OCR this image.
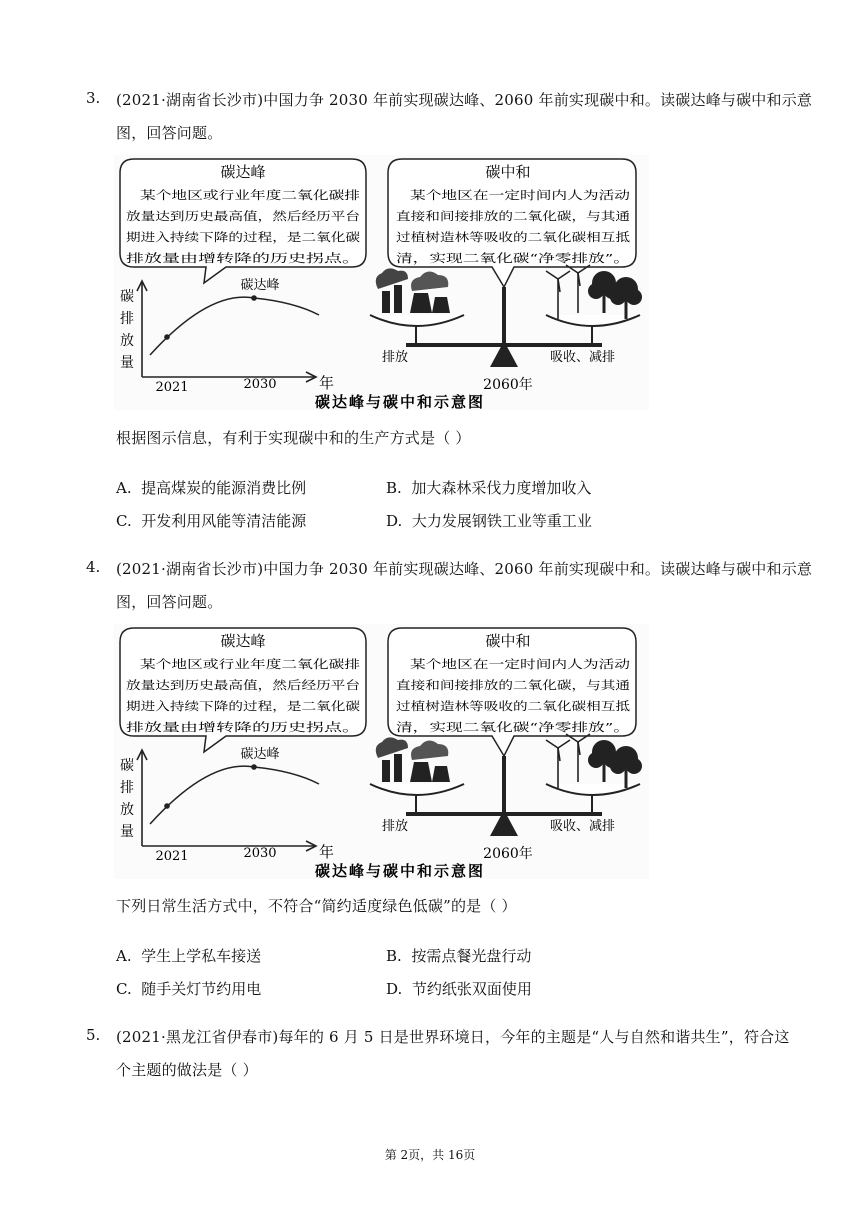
3. (2021·湖南省长沙市)中国力争 2030 年前实现碳达峰、2060 年前实现碳中和。读碳达峰与碳中和示意
图，回答问题。
碳达峰
某个地区或行业年度二氧化碳排
放量达到历史最高值，然后经历平台
期进入持续下降的过程，是二氧化碳
排放量由增转降的历史拐点。
碳中和
某个地区在一定时间内人为活动
直接和间接排放的二氧化碳，与其通
过植树造林等吸收的二氧化碳相互抵
清，实现二氧化碳“净零排放”。
碳
排
放
量
碳达峰
2021	2030	年
排放	吸收、减排
2060年
碳达峰与碳中和示意图
根据图示信息，有利于实现碳中和的生产方式是（ ）
A. 提高煤炭的能源消费比例	B. 加大森林采伐力度增加收入
C. 开发利用风能等清洁能源	D. 大力发展钢铁工业等重工业
4. (2021·湖南省长沙市)中国力争 2030 年前实现碳达峰、2060 年前实现碳中和。读碳达峰与碳中和示意
图，回答问题。
碳达峰
某个地区或行业年度二氧化碳排
放量达到历史最高值，然后经历平台
期进入持续下降的过程，是二氧化碳
排放量由增转降的历史拐点。
碳中和
某个地区在一定时间内人为活动
直接和间接排放的二氧化碳，与其通
过植树造林等吸收的二氧化碳相互抵
清，实现二氧化碳“净零排放”。
碳
排
放
量
碳达峰
2021	2030	年
排放	吸收、减排
2060年
碳达峰与碳中和示意图
下列日常生活方式中，不符合“简约适度绿色低碳”的是（ ）
A. 学生上学私车接送	B. 按需点餐光盘行动
C. 随手关灯节约用电	D. 节约纸张双面使用
5. (2021·黑龙江省伊春市)每年的 6 月 5 日是世界环境日，今年的主题是“人与自然和谐共生”，符合这
个主题的做法是（ ）
第 2页，共 16页
